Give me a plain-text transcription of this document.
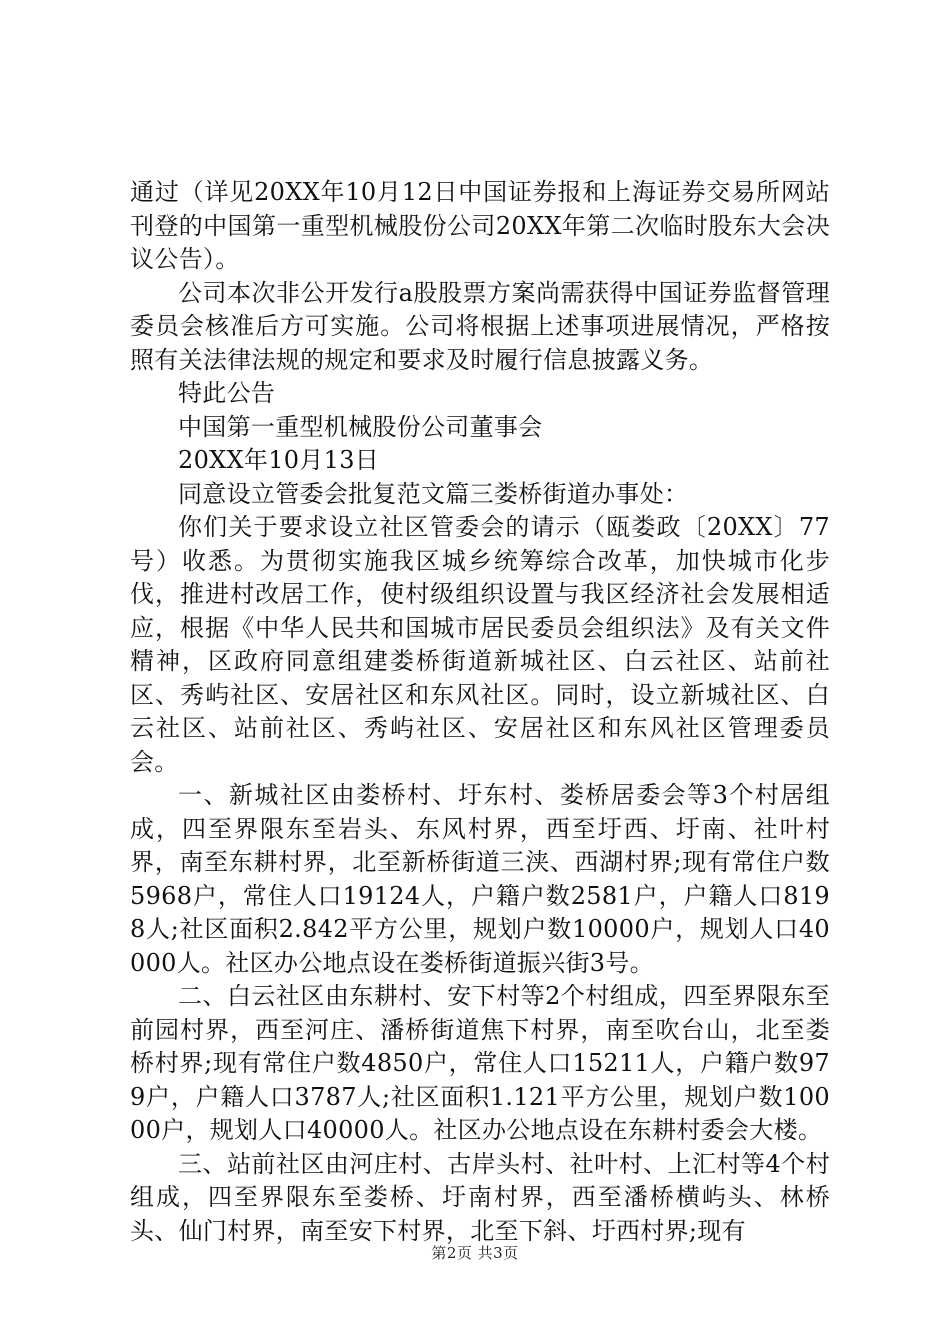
通过（详见20XX年10月12日中国证券报和上海证券交易所网站刊登的中国第一重型机械股份公司20XX年第二次临时股东大会决议公告）。

公司本次非公开发行a股股票方案尚需获得中国证券监督管理委员会核准后方可实施。公司将根据上述事项进展情况，严格按照有关法律法规的规定和要求及时履行信息披露义务。

特此公告

中国第一重型机械股份公司董事会

20XX年10月13日

同意设立管委会批复范文篇三娄桥街道办事处：

你们关于要求设立社区管委会的请示（瓯娄政〔20XX〕77号）收悉。为贯彻实施我区城乡统筹综合改革，加快城市化步伐，推进村改居工作，使村级组织设置与我区经济社会发展相适应，根据《中华人民共和国城市居民委员会组织法》及有关文件精神，区政府同意组建娄桥街道新城社区、白云社区、站前社区、秀屿社区、安居社区和东风社区。同时，设立新城社区、白云社区、站前社区、秀屿社区、安居社区和东风社区管理委员会。

一、新城社区由娄桥村、圩东村、娄桥居委会等3个村居组成，四至界限东至岩头、东风村界，西至圩西、圩南、社叶村界，南至东耕村界，北至新桥街道三浃、西湖村界;现有常住户数5968户，常住人口19124人，户籍户数2581户，户籍人口8198人;社区面积2.842平方公里，规划户数10000户，规划人口40000人。社区办公地点设在娄桥街道振兴街3号。

二、白云社区由东耕村、安下村等2个村组成，四至界限东至前园村界，西至河庄、潘桥街道焦下村界，南至吹台山，北至娄桥村界;现有常住户数4850户，常住人口15211人，户籍户数979户，户籍人口3787人;社区面积1.121平方公里，规划户数10000户，规划人口40000人。社区办公地点设在东耕村委会大楼。

三、站前社区由河庄村、古岸头村、社叶村、上汇村等4个村组成，四至界限东至娄桥、圩南村界，西至潘桥横屿头、林桥头、仙门村界，南至安下村界，北至下斜、圩西村界;现有

第2页 共3页
